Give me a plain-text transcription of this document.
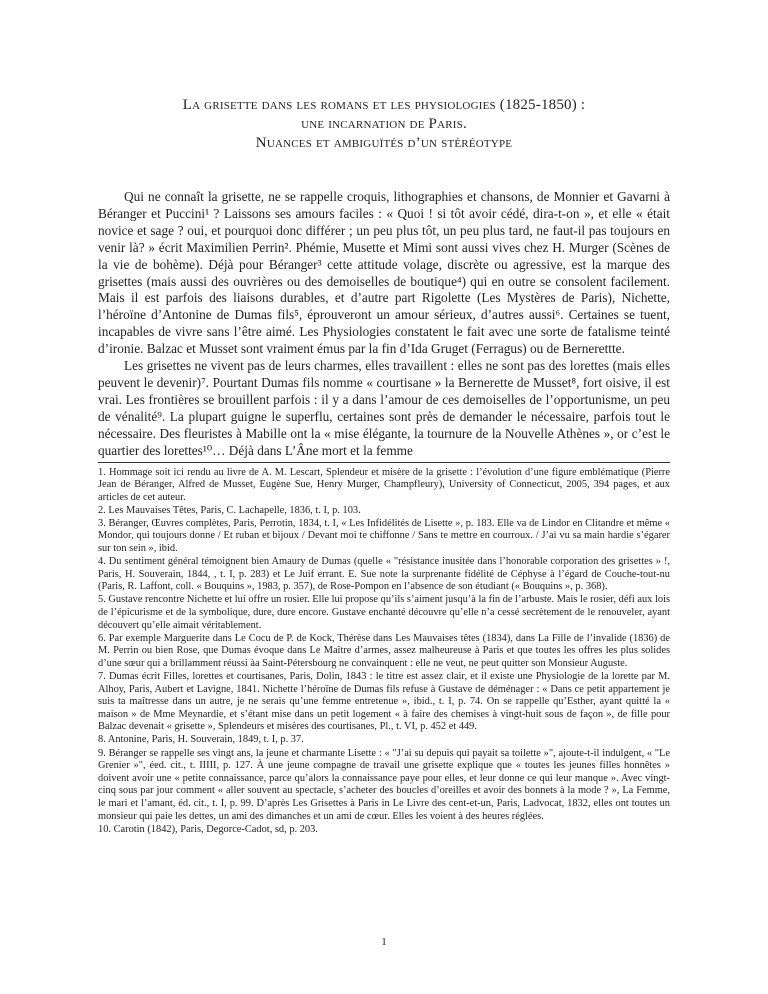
La grisette dans les romans et les physiologies (1825-1850) :
une incarnation de Paris.
Nuances et ambiguïtés d’un stéréotype

Qui ne connaît la grisette, ne se rappelle croquis, lithographies et chansons, de Monnier et Gavarni à Béranger et Puccini¹ ? Laissons ses amours faciles : « Quoi ! si tôt avoir cédé, dira-t-on », et elle « était novice et sage ? oui, et pourquoi donc différer ; un peu plus tôt, un peu plus tard, ne faut-il pas toujours en venir là? » écrit Maximilien Perrin². Phémie, Musette et Mimi sont aussi vives chez H. Murger (Scènes de la vie de bohème). Déjà pour Béranger³ cette attitude volage, discrète ou agressive, est la marque des grisettes (mais aussi des ouvrières ou des demoiselles de boutique⁴) qui en outre se consolent facilement. Mais il est parfois des liaisons durables, et d’autre part Rigolette (Les Mystères de Paris), Nichette, l’héroïne d’Antonine de Dumas fils⁵, éprouveront un amour sérieux, d’autres aussi⁶. Certaines se tuent, incapables de vivre sans l’être aimé. Les Physiologies constatent le fait avec une sorte de fatalisme teinté d’ironie. Balzac et Musset sont vraiment émus par la fin d’Ida Gruget (Ferragus) ou de Bernerettte.

Les grisettes ne vivent pas de leurs charmes, elles travaillent : elles ne sont pas des lorettes (mais elles peuvent le devenir)⁷. Pourtant Dumas fils nomme « courtisane » la Bernerette de Musset⁸, fort oisive, il est vrai. Les frontières se brouillent parfois : il y a dans l’amour de ces demoiselles de l’opportunisme, un peu de vénalité⁹. La plupart guigne le superflu, certaines sont près de demander le nécessaire, parfois tout le nécessaire. Des fleuristes à Mabille ont la « mise élégante, la tournure de la Nouvelle Athènes », or c’est le quartier des lorettes¹⁰… Déjà dans L’Âne mort et la femme

1. Hommage soit ici rendu au livre de A. M. Lescart, Splendeur et misère de la grisette : l’évolution d’une figure emblématique (Pierre Jean de Béranger, Alfred de Musset, Eugène Sue, Henry Murger, Champfleury), University of Connecticut, 2005, 394 pages, et aux articles de cet auteur.

2. Les Mauvaises Têtes, Paris, C. Lachapelle, 1836, t. I, p. 103.

3. Béranger, Œuvres complètes, Paris, Perrotin, 1834, t. I, « Les Infidélités de Lisette », p. 183. Elle va de Lindor en Clitandre et même « Mondor, qui toujours donne / Et ruban et bijoux / Devant moi te chiffonne / Sans te mettre en courroux. / J’ai vu sa main hardie s’égarer sur ton sein », ibid.

4. Du sentiment général témoignent bien Amaury de Dumas (quelle « "résistance inusitée dans l’honorable corporation des grisettes » !, Paris, H. Souverain, 1844, , t. I, p. 283) et Le Juif errant. E. Sue note la surprenante fidélité de Céphyse à l’égard de Couche-tout-nu (Paris, R. Laffont, coll. « Bouquins », 1983, p. 357), de Rose-Pompon en l’absence de son étudiant (« Bouquins », p. 368).

5. Gustave rencontre Nichette et lui offre un rosier. Elle lui propose qu’ils s’aiment jusqu’à la fin de l’arbuste. Mais le rosier, défi aux lois de l’épicurisme et de la symbolique, dure, dure encore. Gustave enchanté découvre qu’elle n’a cessé secrètement de le renouveler, ayant découvert qu’elle aimait véritablement.

6. Par exemple Marguerite dans Le Cocu de P. de Kock, Thérèse dans Les Mauvaises têtes (1834), dans La Fille de l’invalide (1836) de M. Perrin ou bien Rose, que Dumas évoque dans Le Maître d’armes, assez malheureuse à Paris et que toutes les offres les plus solides d’une sœur qui a brillamment réussi àa Saint-Pétersbourg ne convainquent : elle ne veut, ne peut quitter son Monsieur Auguste.

7. Dumas écrit Filles, lorettes et courtisanes, Paris, Dolin, 1843 : le titre est assez clair, et il existe une Physiologie de la lorette par M. Alhoy, Paris, Aubert et Lavigne, 1841. Nichette l’héroïne de Dumas fils refuse à Gustave de déménager : « Dans ce petit appartement je suis ta maîtresse dans un autre, je ne serais qu’une femme entretenue », ibid., t. I, p. 74. On se rappelle qu’Esther, ayant quitté la « maison » de Mme Meynardie, et s’étant mise dans un petit logement « à faire des chemises à vingt-huit sous de façon », de fille pour Balzac devenait « grisette », Splendeurs et misères des courtisanes, Pl., t. VI, p. 452 et 449.

8. Antonine, Paris, H. Souverain, 1849, t. I, p. 37.

9. Béranger se rappelle ses vingt ans, la jeune et charmante Lisette : « "J’ai su depuis qui payait sa toilette »", ajoute-t-il indulgent, « "Le Grenier »", éed. cit., t. IIIII, p. 127. À une jeune compagne de travail une grisette explique que « toutes les jeunes filles honnêtes » doivent avoir une « petite connaissance, parce qu’alors la connaissance paye pour elles, et leur donne ce qui leur manque ». Avec vingt-cinq sous par jour comment « aller souvent au spectacle, s’acheter des boucles d’oreilles et avoir des bonnets à la mode ? », La Femme, le mari et l’amant, éd. cit., t. I, p. 99. D’après Les Grisettes à Paris in Le Livre des cent-et-un, Paris, Ladvocat, 1832, elles ont toutes un monsieur qui paie les dettes, un ami des dimanches et un ami de cœur. Elles les voient à des heures réglées.

10. Carotin (1842), Paris, Degorce-Cadot, sd, p. 203.

1
